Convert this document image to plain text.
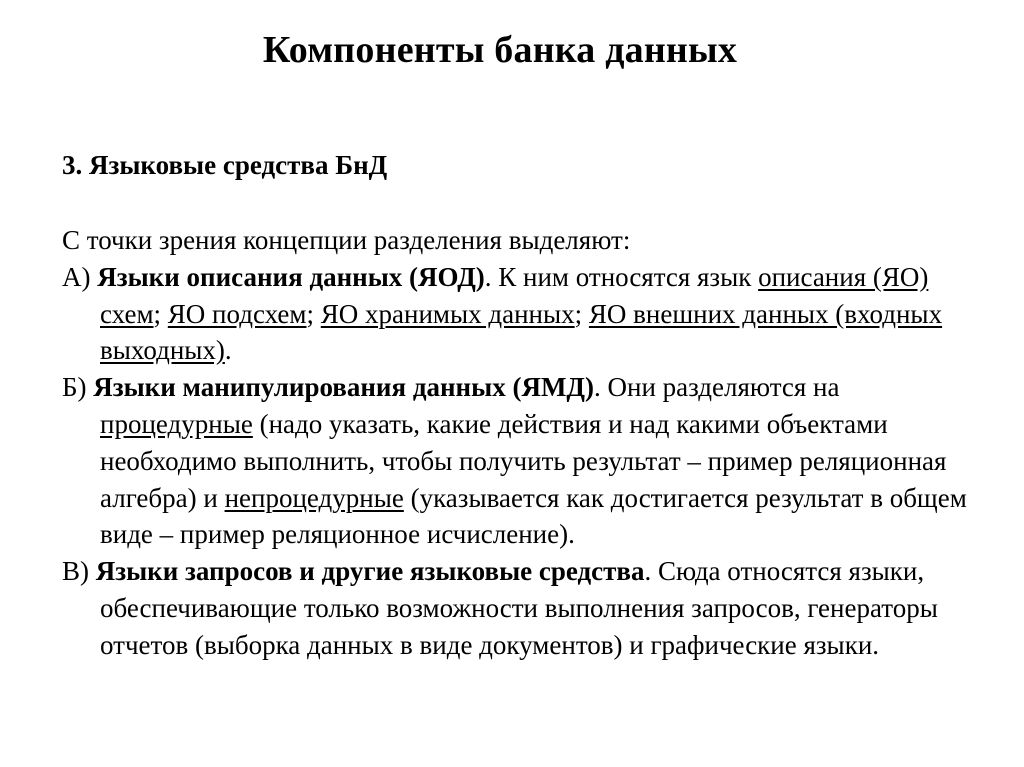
Компоненты банка данных
3. Языковые средства БнД

С точки зрения концепции разделения выделяют:

А) Языки описания данных (ЯОД). К ним относятся язык описания (ЯО) схем; ЯО подсхем; ЯО хранимых данных; ЯО внешних данных (входных выходных).

Б) Языки манипулирования данных (ЯМД). Они разделяются на процедурные (надо указать, какие действия и над какими объектами необходимо выполнить, чтобы получить результат – пример реляционная алгебра) и непроцедурные (указывается как достигается результат в общем виде – пример реляционное исчисление).

В) Языки запросов и другие языковые средства. Сюда относятся языки, обеспечивающие только возможности выполнения запросов, генераторы отчетов (выборка данных в виде документов) и графические языки.
